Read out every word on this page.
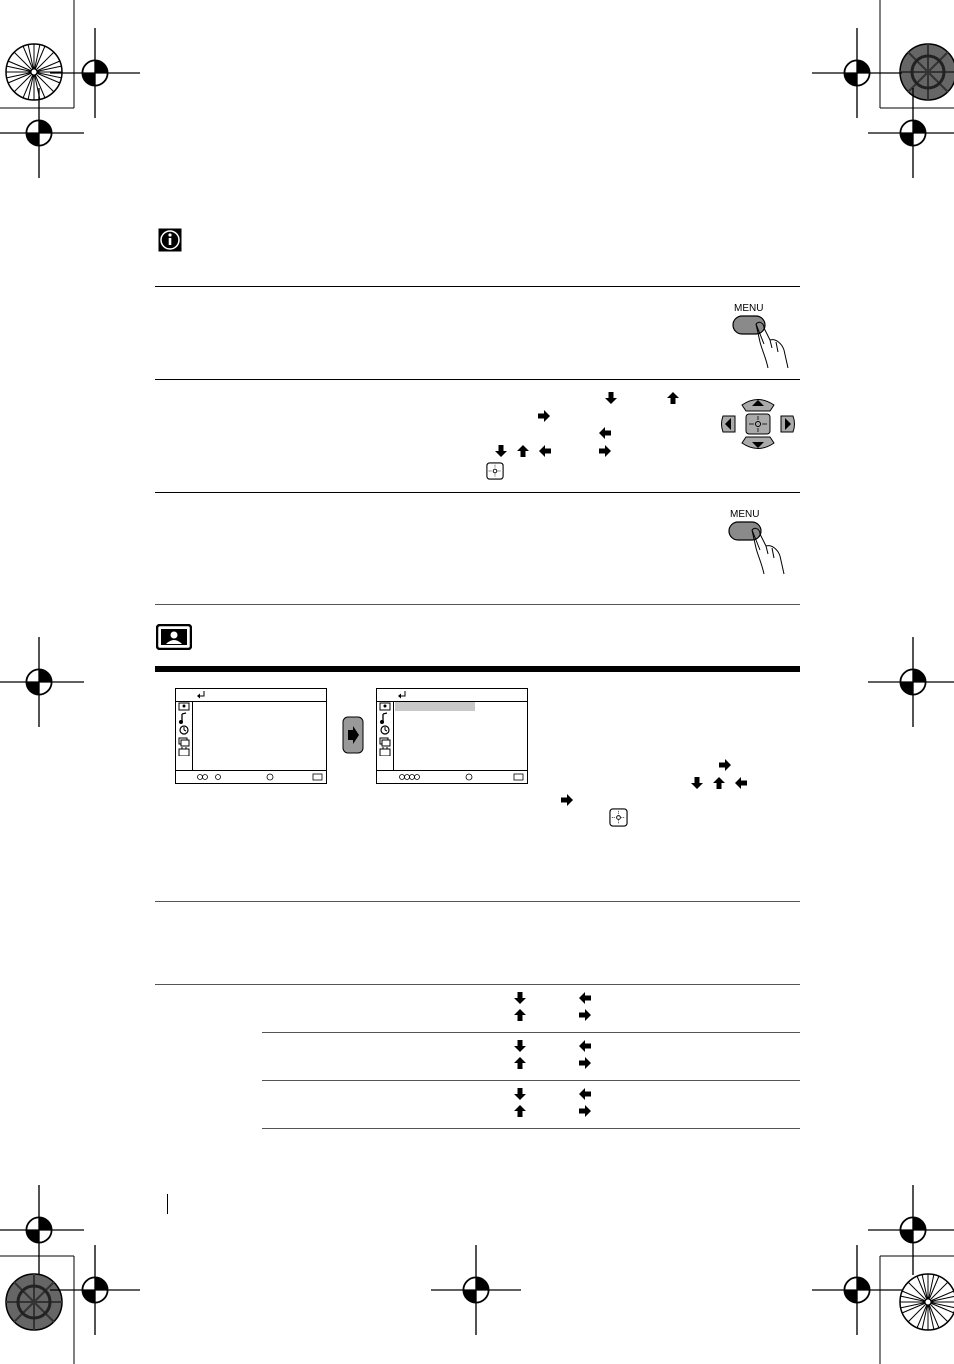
MENU
MENU
